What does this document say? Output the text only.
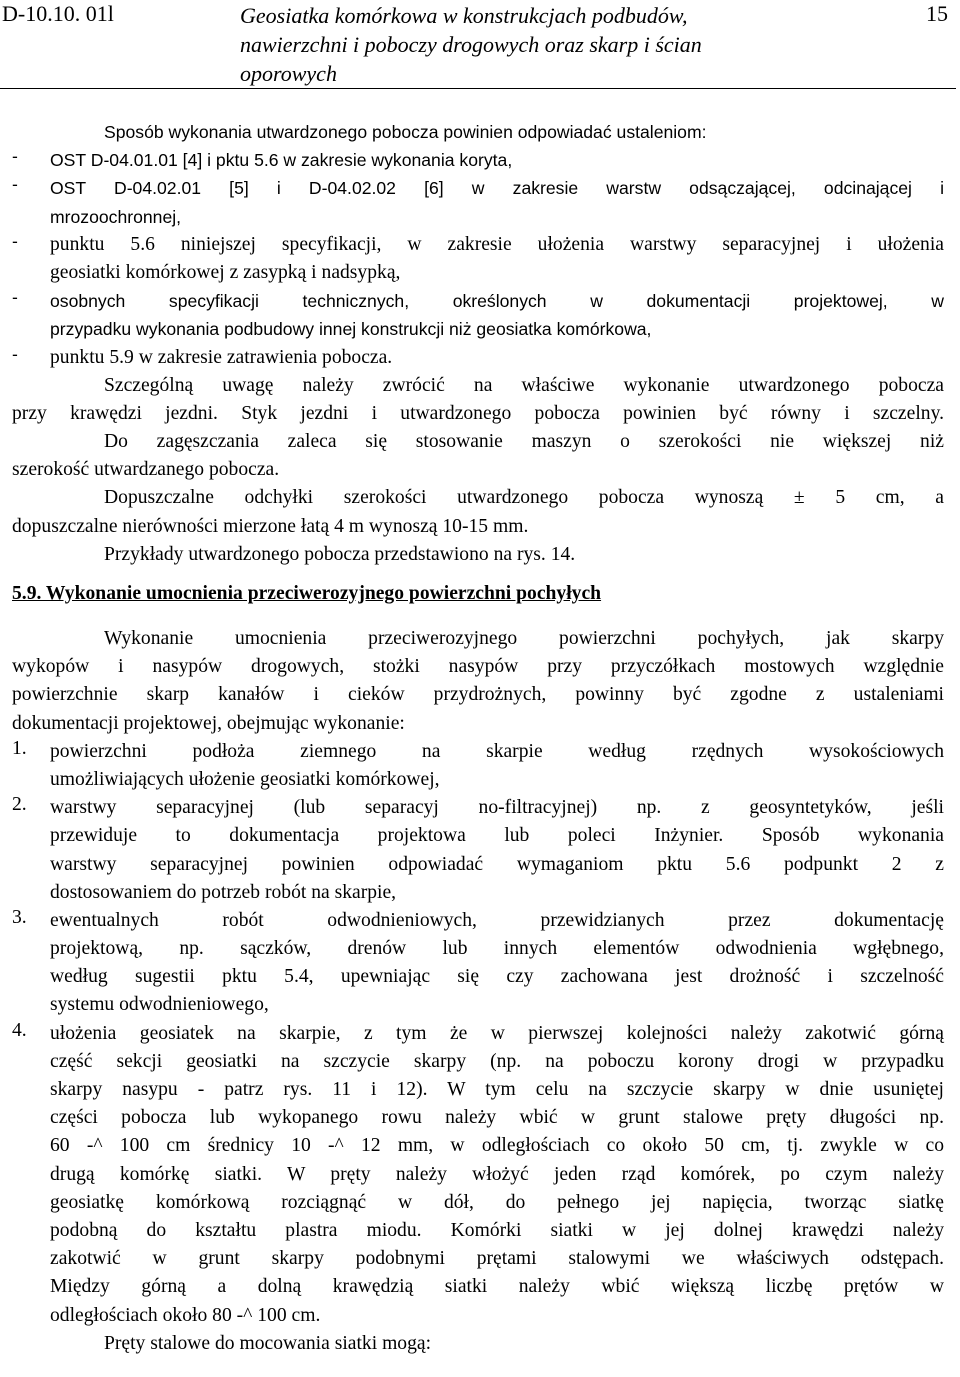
D-10.10. 01l	Geosiatka komórkowa w konstrukcjach podbudów,
nawierzchni i poboczy drogowych oraz skarp i ścian
oporowych
15
Sposób wykonania utwardzonego pobocza powinien odpowiadać ustaleniom:
-	OST D-04.01.01 [4] i pktu 5.6 w zakresie wykonania koryta,
-	OST D-04.02.01 [5] i D-04.02.02 [6] w zakresie warstw odsączającej, odcinającej i
mrozoochronnej,
-	punktu 5.6 niniejszej specyfikacji, w zakresie ułożenia warstwy separacyjnej i ułożenia
geosiatki komórkowej z zasypką i nadsypką,
-	osobnych specyfikacji technicznych, określonych w dokumentacji projektowej, w
przypadku wykonania podbudowy innej konstrukcji niż geosiatka komórkowa,
-	punktu 5.9 w zakresie zatrawienia pobocza.
Szczególną uwagę należy zwrócić na właściwe wykonanie utwardzonego pobocza
przy krawędzi jezdni. Styk jezdni i utwardzonego pobocza powinien być równy i szczelny.
Do zagęszczania zaleca się stosowanie maszyn o szerokości nie większej niż
szerokość utwardzanego pobocza.
Dopuszczalne odchyłki szerokości utwardzonego pobocza wynoszą ± 5 cm, a
dopuszczalne nierówności mierzone łatą 4 m wynoszą 10-15 mm.
Przykłady utwardzonego pobocza przedstawiono na rys. 14.
5.9. Wykonanie umocnienia przeciwerozyjnego powierzchni pochyłych
Wykonanie umocnienia przeciwerozyjnego powierzchni pochyłych, jak skarpy
wykopów i nasypów drogowych, stożki nasypów przy przyczółkach mostowych względnie
powierzchnie skarp kanałów i cieków przydrożnych, powinny być zgodne z ustaleniami
dokumentacji projektowej, obejmując wykonanie:
1.	powierzchni podłoża ziemnego na skarpie według rzędnych wysokościowych
umożliwiających ułożenie geosiatki komórkowej,
2.	warstwy separacyjnej (lub separacyj no-filtracyjnej) np. z geosyntetyków, jeśli
przewiduje to dokumentacja projektowa lub poleci Inżynier. Sposób wykonania
warstwy separacyjnej powinien odpowiadać wymaganiom pktu 5.6 podpunkt 2 z
dostosowaniem do potrzeb robót na skarpie,
3.	ewentualnych robót odwodnieniowych, przewidzianych przez dokumentację
projektową, np. sączków, drenów lub innych elementów odwodnienia wgłębnego,
według sugestii pktu 5.4, upewniając się czy zachowana jest drożność i szczelność
systemu odwodnieniowego,
4.	ułożenia geosiatek na skarpie, z tym że w pierwszej kolejności należy zakotwić górną
część sekcji geosiatki na szczycie skarpy (np. na poboczu korony drogi w przypadku
skarpy nasypu - patrz rys. 11 i 12). W tym celu na szczycie skarpy w dnie usuniętej
części pobocza lub wykopanego rowu należy wbić w grunt stalowe pręty długości np.
60 -^ 100 cm średnicy 10 -^ 12 mm, w odległościach co około 50 cm, tj. zwykle w co
drugą komórkę siatki. W pręty należy włożyć jeden rząd komórek, po czym należy
geosiatkę komórkową rozciągnąć w dół, do pełnego jej napięcia, tworząc siatkę
podobną do kształtu plastra miodu. Komórki siatki w jej dolnej krawędzi należy
zakotwić w grunt skarpy podobnymi prętami stalowymi we właściwych odstępach.
Między górną a dolną krawędzią siatki należy wbić większą liczbę prętów w
odległościach około 80 -^ 100 cm.
Pręty stalowe do mocowania siatki mogą:
